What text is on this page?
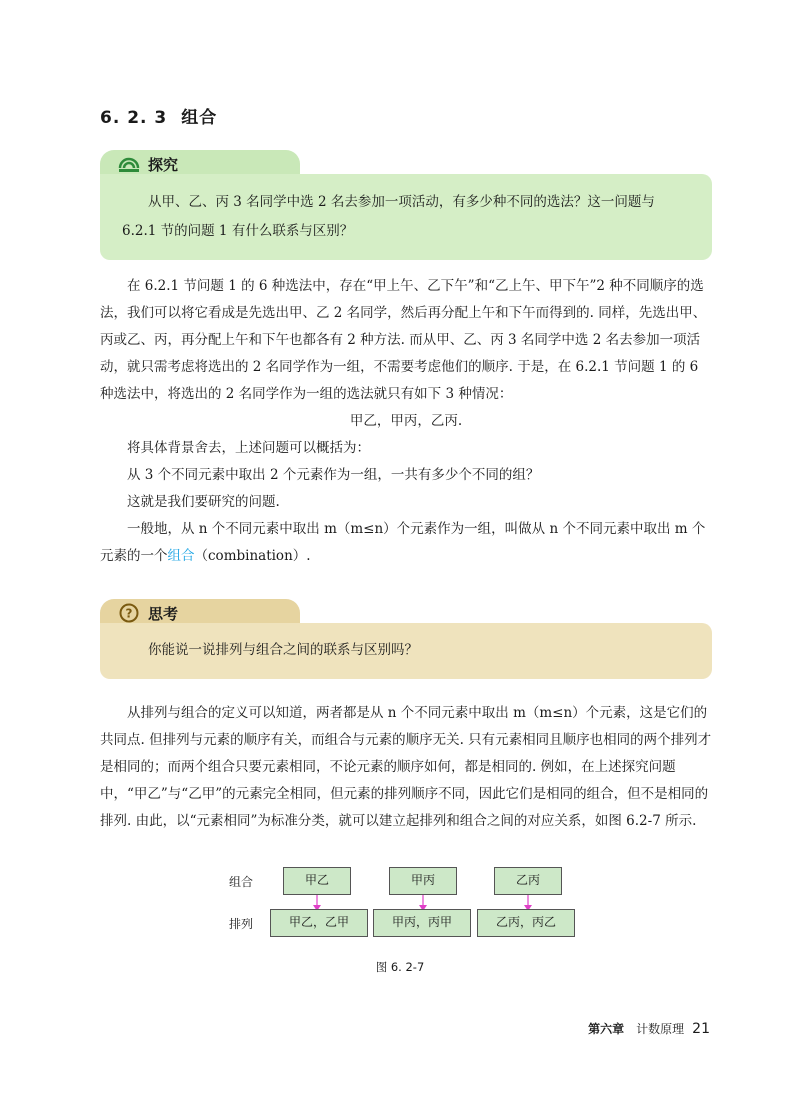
6. 2. 3 组合
探究

从甲、乙、丙 3 名同学中选 2 名去参加一项活动，有多少种不同的选法？这一问题与 6.2.1 节的问题 1 有什么联系与区别？

在 6.2.1 节问题 1 的 6 种选法中，存在“甲上午、乙下午”和“乙上午、甲下午”2 种不同顺序的选法，我们可以将它看成是先选出甲、乙 2 名同学，然后再分配上午和下午而得到的. 同样，先选出甲、丙或乙、丙，再分配上午和下午也都各有 2 种方法. 而从甲、乙、丙 3 名同学中选 2 名去参加一项活动，就只需考虑将选出的 2 名同学作为一组，不需要考虑他们的顺序. 于是，在 6.2.1 节问题 1 的 6 种选法中，将选出的 2 名同学作为一组的选法就只有如下 3 种情况：

甲乙，甲丙，乙丙.

将具体背景舍去，上述问题可以概括为：

从 3 个不同元素中取出 2 个元素作为一组，一共有多少个不同的组？

这就是我们要研究的问题.

一般地，从 n 个不同元素中取出 m（m≤n）个元素作为一组，叫做从 n 个不同元素中取出 m 个元素的一个组合（combination）.

? 思考

你能说一说排列与组合之间的联系与区别吗？

从排列与组合的定义可以知道，两者都是从 n 个不同元素中取出 m（m≤n）个元素，这是它们的共同点. 但排列与元素的顺序有关，而组合与元素的顺序无关. 只有元素相同且顺序也相同的两个排列才是相同的；而两个组合只要元素相同，不论元素的顺序如何，都是相同的. 例如，在上述探究问题中，“甲乙”与“乙甲”的元素完全相同，但元素的排列顺序不同，因此它们是相同的组合，但不是相同的排列. 由此，以“元素相同”为标准分类，就可以建立起排列和组合之间的对应关系，如图 6.2-7 所示.

组合
排列
甲乙	甲丙	乙丙
甲乙，乙甲	甲丙，丙甲	乙丙，丙乙
图 6. 2-7
第六章 计数原理 21
